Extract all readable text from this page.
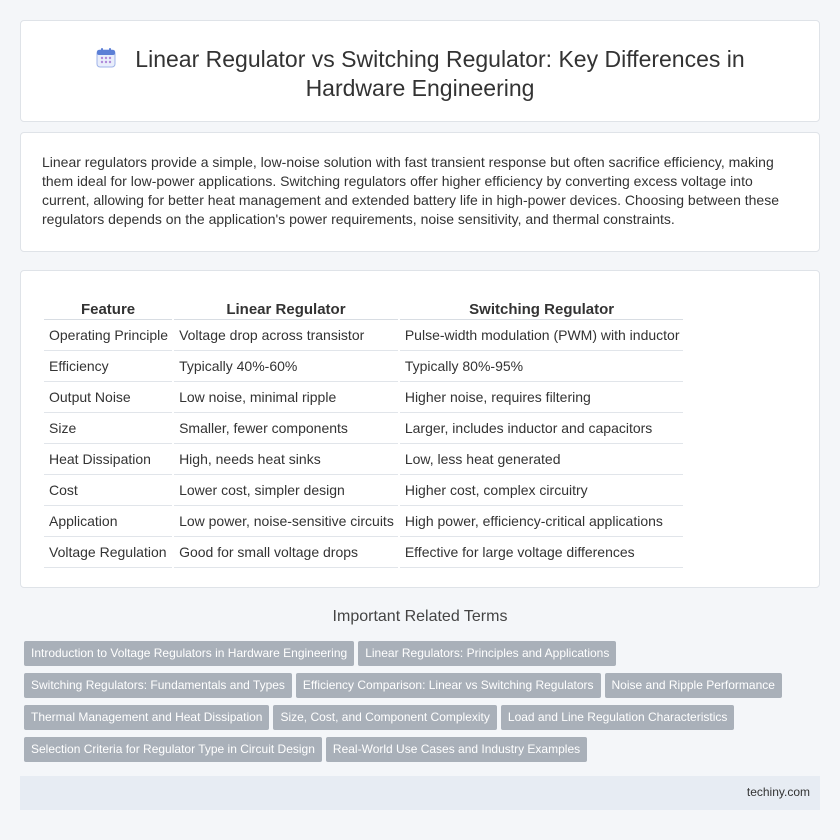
Linear Regulator vs Switching Regulator: Key Differences in
Hardware Engineering

Linear regulators provide a simple, low-noise solution with fast transient response but often sacrifice efficiency, making them ideal for low-power applications. Switching regulators offer higher efficiency by converting excess voltage into current, allowing for better heat management and extended battery life in high-power devices. Choosing between these regulators depends on the application's power requirements, noise sensitivity, and thermal constraints.

Feature	Linear Regulator	Switching Regulator
Operating Principle	Voltage drop across transistor	Pulse-width modulation (PWM) with inductor
Efficiency	Typically 40%-60%	Typically 80%-95%
Output Noise	Low noise, minimal ripple	Higher noise, requires filtering
Size	Smaller, fewer components	Larger, includes inductor and capacitors
Heat Dissipation	High, needs heat sinks	Low, less heat generated
Cost	Lower cost, simpler design	Higher cost, complex circuitry
Application	Low power, noise-sensitive circuits	High power, efficiency-critical applications
Voltage Regulation	Good for small voltage drops	Effective for large voltage differences
Important Related Terms
Introduction to Voltage Regulators in Hardware Engineering Linear Regulators: Principles and Applications
Switching Regulators: Fundamentals and Types Efficiency Comparison: Linear vs Switching Regulators Noise and Ripple Performance
Thermal Management and Heat Dissipation Size, Cost, and Component Complexity Load and Line Regulation Characteristics
Selection Criteria for Regulator Type in Circuit Design Real-World Use Cases and Industry Examples
techiny.com
